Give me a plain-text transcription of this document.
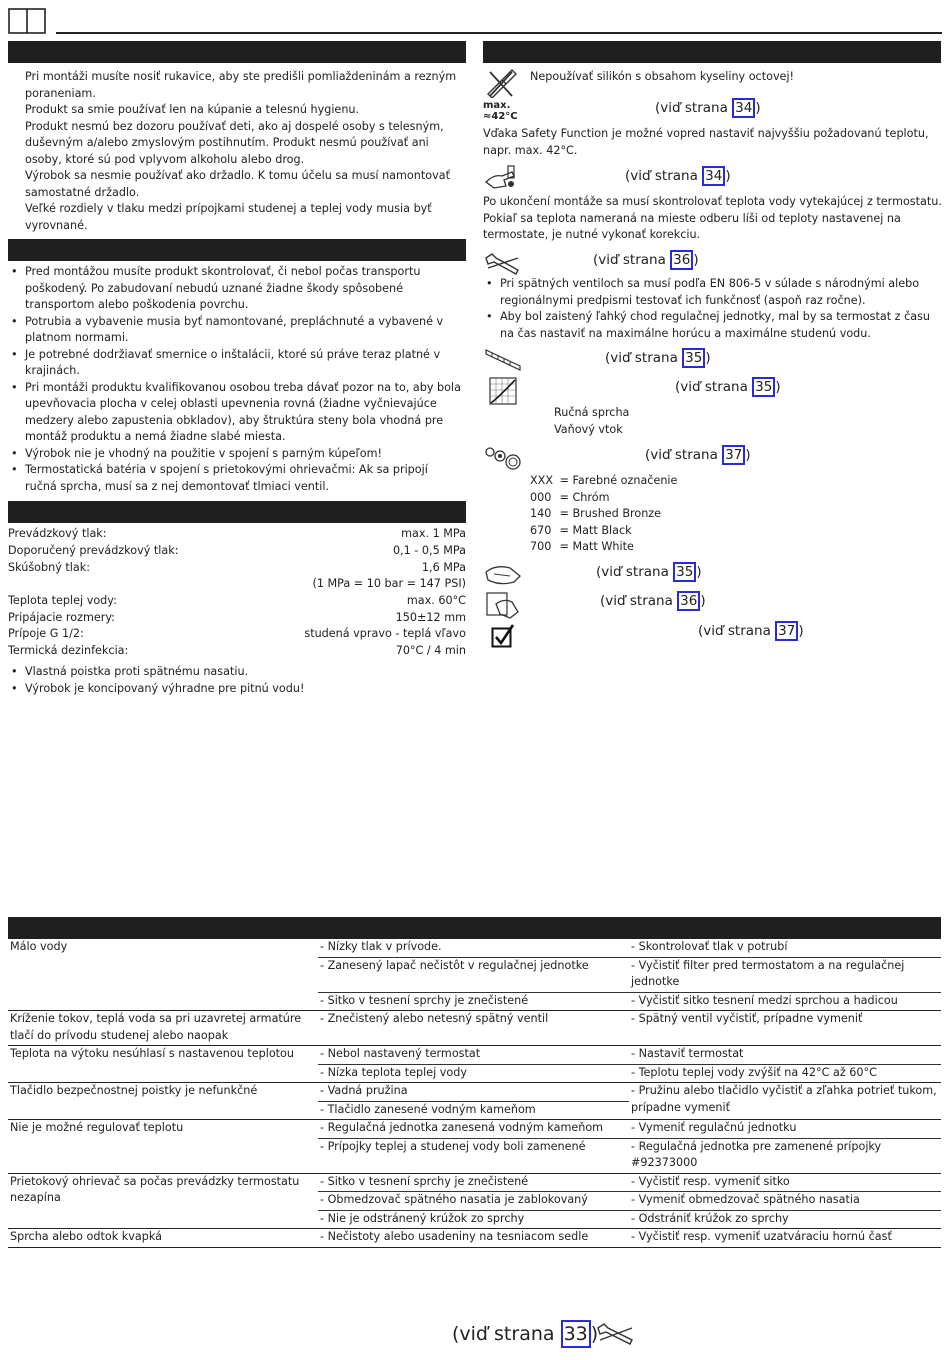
Pri montáži musíte nosiť rukavice, aby ste predišli pomliaždeninám a rezným poraneniam.

Produkt sa smie používať len na kúpanie a telesnú hygienu.

Produkt nesmú bez dozoru používať deti, ako aj dospelé osoby s telesným, duševným a/alebo zmyslovým postihnutím. Produkt nesmú používať ani osoby, ktoré sú pod vplyvom alkoholu alebo drog.

Výrobok sa nesmie používať ako držadlo. K tomu účelu sa musí namontovať samostatné držadlo.

Veľké rozdiely v tlaku medzi prípojkami studenej a teplej vody musia byť vyrovnané.

• Pred montážou musíte produkt skontrolovať, či nebol počas transportu poškodený. Po zabudovaní nebudú uznané žiadne škody spôsobené transportom alebo poškodenia povrchu.
• Potrubia a vybavenie musia byť namontované, prepláchnuté a vybavené v platnom normami.
• Je potrebné dodržiavať smernice o inštalácii, ktoré sú práve teraz platné v krajinách.
• Pri montáži produktu kvalifikovanou osobou treba dávať pozor na to, aby bola upevňovacia plocha v celej oblasti upevnenia rovná (žiadne vyčnievajúce medzery alebo zapustenia obkladov), aby štruktúra steny bola vhodná pre montáž produktu a nemá žiadne slabé miesta.
• Výrobok nie je vhodný na použitie v spojení s parným kúpeľom!
• Termostatická batéria v spojení s prietokovými ohrievačmi: Ak sa pripojí ručná sprcha, musí sa z nej demontovať tlmiaci ventil.
Prevádzkový tlak:	max. 1 MPa
Doporučený prevádzkový tlak:	0,1 - 0,5 MPa
Skúšobný tlak:	1,6 MPa
(1 MPa = 10 bar = 147 PSI)
Teplota teplej vody:	max. 60°C
Pripájacie rozmery:	150±12 mm
Prípoje G 1/2:	studená vpravo - teplá vľavo
Termická dezinfekcia:	70°C / 4 min
• Vlastná poistka proti spätnému nasatiu.
• Výrobok je koncipovaný výhradne pre pitnú vodu!
Nepoužívať silikón s obsahom kyseliny octovej!
max.
≈42°C
(viď strana 34 )
Vďaka Safety Function je možné vopred nastaviť najvyššiu požadovanú teplotu, napr. max. 42°C.
(viď strana 34 )
Po ukončení montáže sa musí skontrolovať teplota vody vytekajúcej z termostatu. Pokiaľ sa teplota nameraná na mieste odberu líši od teploty nastavenej na termostate, je nutné vykonať korekciu.
(viď strana 36 )
• Pri spätných ventiloch sa musí podľa EN 806-5 v súlade s národnými alebo regionálnymi predpismi testovať ich funkčnosť (aspoň raz ročne).
• Aby bol zaistený ľahký chod regulačnej jednotky, mal by sa termostat z času na čas nastaviť na maximálne horúcu a maximálne studenú vodu.
(viď strana 35 )
(viď strana 35 )
Ručná sprcha
Vaňový vtok
(viď strana 37 )
XXX = Farebné označenie
000 = Chróm
140 = Brushed Bronze
670 = Matt Black
700 = Matt White
(viď strana 35 )
(viď strana 36 )
(viď strana 37 )
Málo vody	- Nízky tlak v prívode.	- Skontrolovať tlak v potrubí
	- Zanesený lapač nečistôt v regulačnej jednotke	- Vyčistiť filter pred termostatom a na regulačnej jednotke
	- Sitko v tesnení sprchy je znečistené	- Vyčistiť sitko tesnení medzi sprchou a hadicou
Kríženie tokov, teplá voda sa pri uzavretej armatúre tlačí do prívodu studenej alebo naopak	- Znečistený alebo netesný spätný ventil	- Spätný ventil vyčistiť, prípadne vymeniť
Teplota na výtoku nesúhlasí s nastavenou teplotou	- Nebol nastavený termostat	- Nastaviť termostat
	- Nízka teplota teplej vody	- Teplotu teplej vody zvýšiť na 42°C až 60°C
Tlačidlo bezpečnostnej poistky je nefunkčné	- Vadná pružina	- Pružinu alebo tlačidlo vyčistiť a zľahka potrieť tukom, prípadne vymeniť
	- Tlačidlo zanesené vodným kameňom	
Nie je možné regulovať teplotu	- Regulačná jednotka zanesená vodným kameňom	- Vymeniť regulačnú jednotku
	- Prípojky teplej a studenej vody boli zamenené	- Regulačná jednotka pre zamenené prípojky #92373000
Prietokový ohrievač sa počas prevádzky termostatu nezapína	- Sitko v tesnení sprchy je znečistené	- Vyčistiť resp. vymeniť sitko
	- Obmedzovač spätného nasatia je zablokovaný	- Vymeniť obmedzovač spätného nasatia
	- Nie je odstránený krúžok zo sprchy	- Odstrániť krúžok zo sprchy
Sprcha alebo odtok kvapká	- Nečistoty alebo usadeniny na tesniacom sedle	- Vyčistiť resp. vymeniť uzatváraciu hornú časť
(viď strana 33 )
